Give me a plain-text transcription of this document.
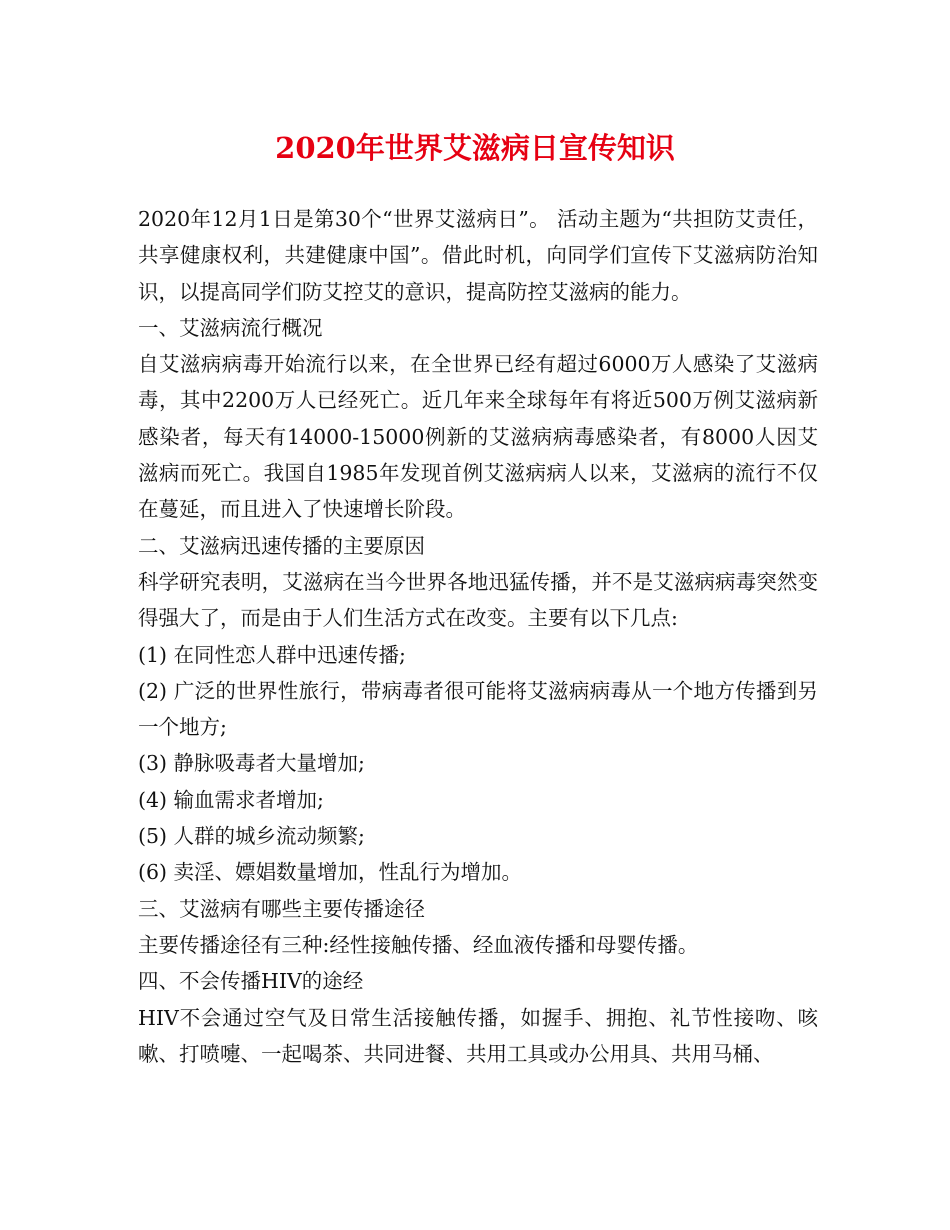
2020年世界艾滋病日宣传知识

2020年12月1日是第30个“世界艾滋病日”。 活动主题为“共担防艾责任，共享健康权利，共建健康中国”。借此时机，向同学们宣传下艾滋病防治知识，以提高同学们防艾控艾的意识，提高防控艾滋病的能力。

一、艾滋病流行概况

自艾滋病病毒开始流行以来，在全世界已经有超过6000万人感染了艾滋病毒，其中2200万人已经死亡。近几年来全球每年有将近500万例艾滋病新感染者，每天有14000-15000例新的艾滋病病毒感染者，有8000人因艾滋病而死亡。我国自1985年发现首例艾滋病病人以来，艾滋病的流行不仅在蔓延，而且进入了快速增长阶段。

二、艾滋病迅速传播的主要原因

科学研究表明，艾滋病在当今世界各地迅猛传播，并不是艾滋病病毒突然变得强大了，而是由于人们生活方式在改变。主要有以下几点:

(1) 在同性恋人群中迅速传播;

(2) 广泛的世界性旅行，带病毒者很可能将艾滋病病毒从一个地方传播到另一个地方;

(3) 静脉吸毒者大量增加;

(4) 输血需求者增加;

(5) 人群的城乡流动频繁;

(6) 卖淫、嫖娼数量增加，性乱行为增加。

三、艾滋病有哪些主要传播途径

主要传播途径有三种:经性接触传播、经血液传播和母婴传播。

四、不会传播HIV的途经

HIV不会通过空气及日常生活接触传播，如握手、拥抱、礼节性接吻、咳嗽、打喷嚏、一起喝茶、共同进餐、共用工具或办公用具、共用马桶、
